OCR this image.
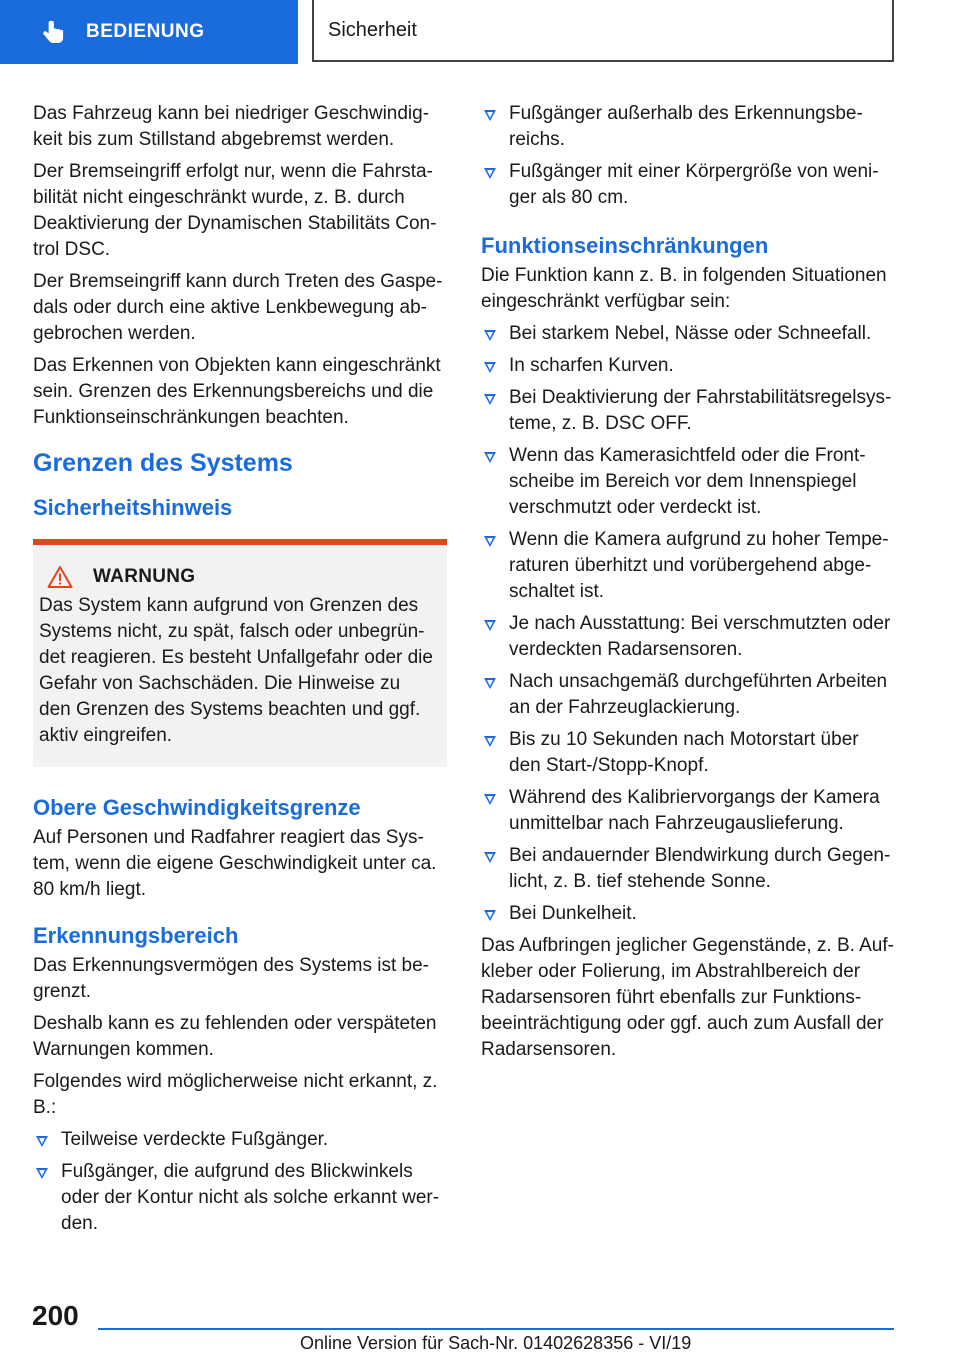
BEDIENUNG	Sicherheit

Das Fahrzeug kann bei niedriger Geschwindig-keit bis zum Stillstand abgebremst werden.

Der Bremseingriff erfolgt nur, wenn die Fahrsta-bilität nicht eingeschränkt wurde, z. B. durch Deaktivierung der Dynamischen Stabilitäts Con-trol DSC.

Der Bremseingriff kann durch Treten des Gaspe-dals oder durch eine aktive Lenkbewegung ab-gebrochen werden.

Das Erkennen von Objekten kann eingeschränkt sein. Grenzen des Erkennungsbereichs und die Funktionseinschränkungen beachten.

Grenzen des Systems
Sicherheitshinweis
WARNUNG

Das System kann aufgrund von Grenzen des Systems nicht, zu spät, falsch oder unbegrün-det reagieren. Es besteht Unfallgefahr oder die Gefahr von Sachschäden. Die Hinweise zu den Grenzen des Systems beachten und ggf. aktiv eingreifen.

Obere Geschwindigkeitsgrenze

Auf Personen und Radfahrer reagiert das Sys-tem, wenn die eigene Geschwindigkeit unter ca. 80 km/h liegt.

Erkennungsbereich

Das Erkennungsvermögen des Systems ist be-grenzt.

Deshalb kann es zu fehlenden oder verspäteten Warnungen kommen.

Folgendes wird möglicherweise nicht erkannt, z. B.:

Teilweise verdeckte Fußgänger.
Fußgänger, die aufgrund des Blickwinkels oder der Kontur nicht als solche erkannt wer-den.
Fußgänger außerhalb des Erkennungsbe-reichs.
Fußgänger mit einer Körpergröße von weni-ger als 80 cm.
Funktionseinschränkungen

Die Funktion kann z. B. in folgenden Situationen eingeschränkt verfügbar sein:

Bei starkem Nebel, Nässe oder Schneefall.
In scharfen Kurven.
Bei Deaktivierung der Fahrstabilitätsregelsys-teme, z. B. DSC OFF.
Wenn das Kamerasichtfeld oder die Front-scheibe im Bereich vor dem Innenspiegel verschmutzt oder verdeckt ist.
Wenn die Kamera aufgrund zu hoher Tempe-raturen überhitzt und vorübergehend abge-schaltet ist.
Je nach Ausstattung: Bei verschmutzten oder verdeckten Radarsensoren.
Nach unsachgemäß durchgeführten Arbeiten an der Fahrzeuglackierung.
Bis zu 10 Sekunden nach Motorstart über den Start-/Stopp-Knopf.
Während des Kalibriervorgangs der Kamera unmittelbar nach Fahrzeugauslieferung.
Bei andauernder Blendwirkung durch Gegen-licht, z. B. tief stehende Sonne.
Bei Dunkelheit.

Das Aufbringen jeglicher Gegenstände, z. B. Auf-kleber oder Folierung, im Abstrahlbereich der Radarsensoren führt ebenfalls zur Funktions-beeinträchtigung oder ggf. auch zum Ausfall der Radarsensoren.

200
Online Version für Sach-Nr. 01402628356 - VI/19
